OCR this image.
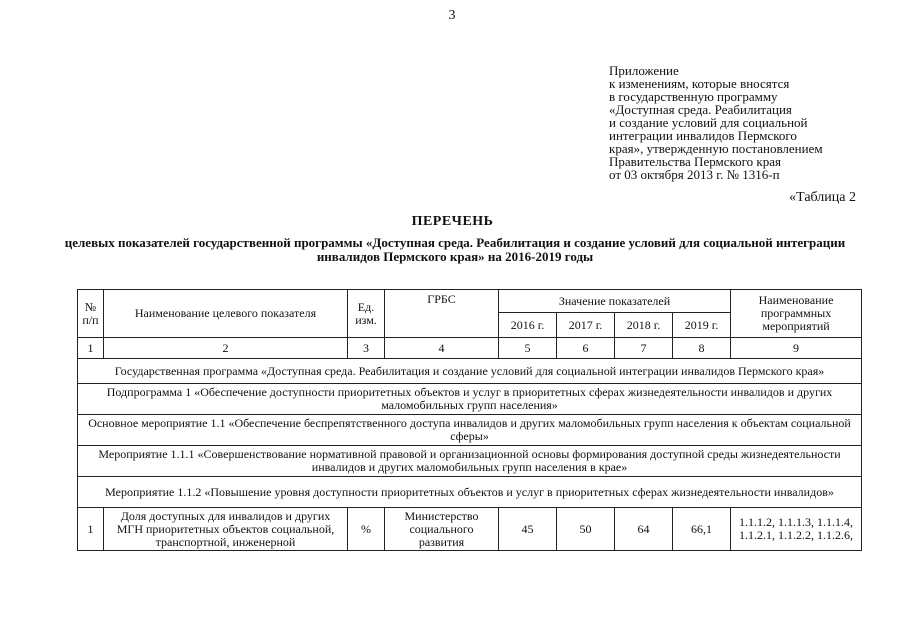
3
Приложение
к изменениям, которые вносятся
в государственную программу
«Доступная среда. Реабилитация
и создание условий для социальной
интеграции инвалидов Пермского
края», утвержденную постановлением
Правительства Пермского края
от 03 октября 2013 г. № 1316-п
«Таблица 2
ПЕРЕЧЕНЬ
целевых показателей государственной программы «Доступная среда. Реабилитация и создание условий для социальной интеграции инвалидов Пермского края» на 2016-2019 годы
№ п/п	Наименование целевого показателя	Ед. изм.	ГРБС	Значение показателей				Наименование программных мероприятий
				2016 г.	2017 г.	2018 г.	2019 г.	
1	2	3	4	5	6	7	8	9
Государственная программа «Доступная среда. Реабилитация и создание условий для социальной интеграции инвалидов Пермского края»								
Подпрограмма 1 «Обеспечение доступности приоритетных объектов и услуг в приоритетных сферах жизнедеятельности инвалидов и других маломобильных групп населения»								
Основное мероприятие 1.1 «Обеспечение беспрепятственного доступа инвалидов и других маломобильных групп населения к объектам социальной сферы»								
Мероприятие 1.1.1 «Совершенствование нормативной правовой и организационной основы формирования доступной среды жизнедеятельности инвалидов и других маломобильных групп населения в крае»								
Мероприятие 1.1.2 «Повышение уровня доступности приоритетных объектов и услуг в приоритетных сферах жизнедеятельности инвалидов»								
1	Доля доступных для инвалидов и других МГН приоритетных объектов социальной, транспортной, инженерной	%	Министерство социального развития	45	50	64	66,1	1.1.1.2, 1.1.1.3, 1.1.1.4, 1.1.2.1, 1.1.2.2, 1.1.2.6,
